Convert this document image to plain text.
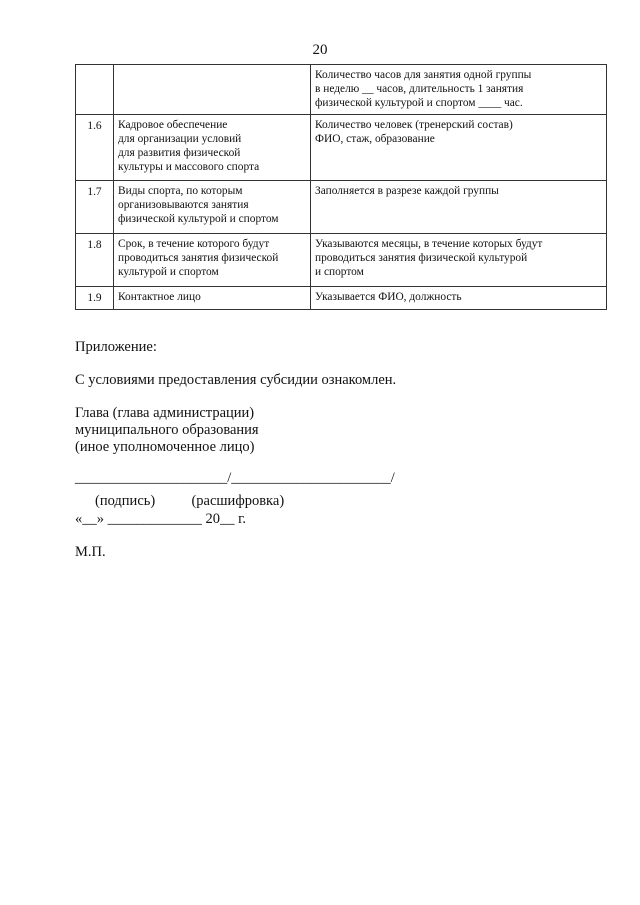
20
		Количество часов для занятия одной группы
в неделю __ часов, длительность 1 занятия
физической культурой и спортом ____ час.
1.6	Кадровое обеспечение
для организации условий
для развития физической
культуры и массового спорта	Количество человек (тренерский состав)
ФИО, стаж, образование
1.7	Виды спорта, по которым
организовываются занятия
физической культурой и спортом	Заполняется в разрезе каждой группы
1.8	Срок, в течение которого будут
проводиться занятия физической
культурой и спортом	Указываются месяцы, в течение которых будут
проводиться занятия физической культурой
и спортом
1.9	Контактное лицо	Указывается ФИО, должность
Приложение:
С условиями предоставления субсидии ознакомлен.
Глава (глава администрации)
муниципального образования
(иное уполномоченное лицо)
_____________________/______________________/
(подпись)          (расшифровка)
«__» _____________ 20__ г.
М.П.
